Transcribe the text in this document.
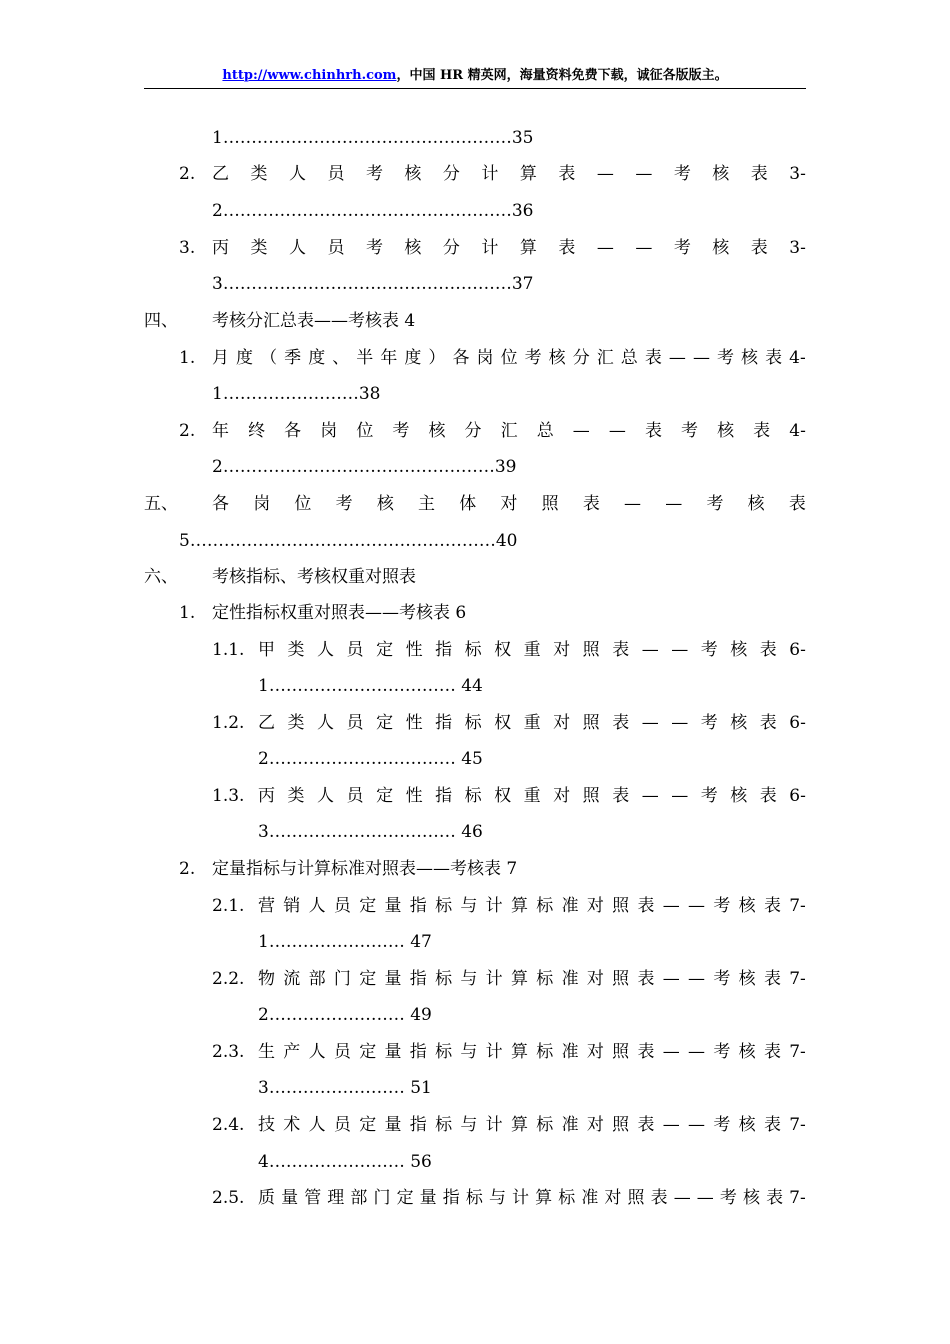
http://www.chinhrh.com，中国 HR 精英网，海量资料免费下载，诚征各版版主。
1……………………………………………35
2. 乙 类 人 员 考 核 分 计 算 表 — — 考 核 表 3-
2……………………………………………36
3. 丙 类 人 员 考 核 分 计 算 表 — — 考 核 表 3-
3……………………………………………37
四、 考核分汇总表——考核表 4
1. 月 度 （ 季 度 、 半 年 度 ） 各 岗 位 考 核 分 汇 总 表 — — 考 核 表 4-
1……………………38
2. 年 终 各 岗 位 考 核 分 汇 总 — — 表 考 核 表 4-
2…………………………………………39
五、 各 岗 位 考 核 主 体 对 照 表 — — 考 核 表
5………………………………………………40
六、 考核指标、考核权重对照表
1. 定性指标权重对照表——考核表 6
1.1. 甲 类 人 员 定 性 指 标 权 重 对 照 表 — — 考 核 表 6-
1…………………………… 44
1.2. 乙 类 人 员 定 性 指 标 权 重 对 照 表 — — 考 核 表 6-
2…………………………… 45
1.3. 丙 类 人 员 定 性 指 标 权 重 对 照 表 — — 考 核 表 6-
3…………………………… 46
2. 定量指标与计算标准对照表——考核表 7
2.1. 营 销 人 员 定 量 指 标 与 计 算 标 准 对 照 表 — — 考 核 表 7-
1…………………… 47
2.2. 物 流 部 门 定 量 指 标 与 计 算 标 准 对 照 表 — — 考 核 表 7-
2…………………… 49
2.3. 生 产 人 员 定 量 指 标 与 计 算 标 准 对 照 表 — — 考 核 表 7-
3…………………… 51
2.4. 技 术 人 员 定 量 指 标 与 计 算 标 准 对 照 表 — — 考 核 表 7-
4…………………… 56
2.5. 质 量 管 理 部 门 定 量 指 标 与 计 算 标 准 对 照 表 — — 考 核 表 7-
